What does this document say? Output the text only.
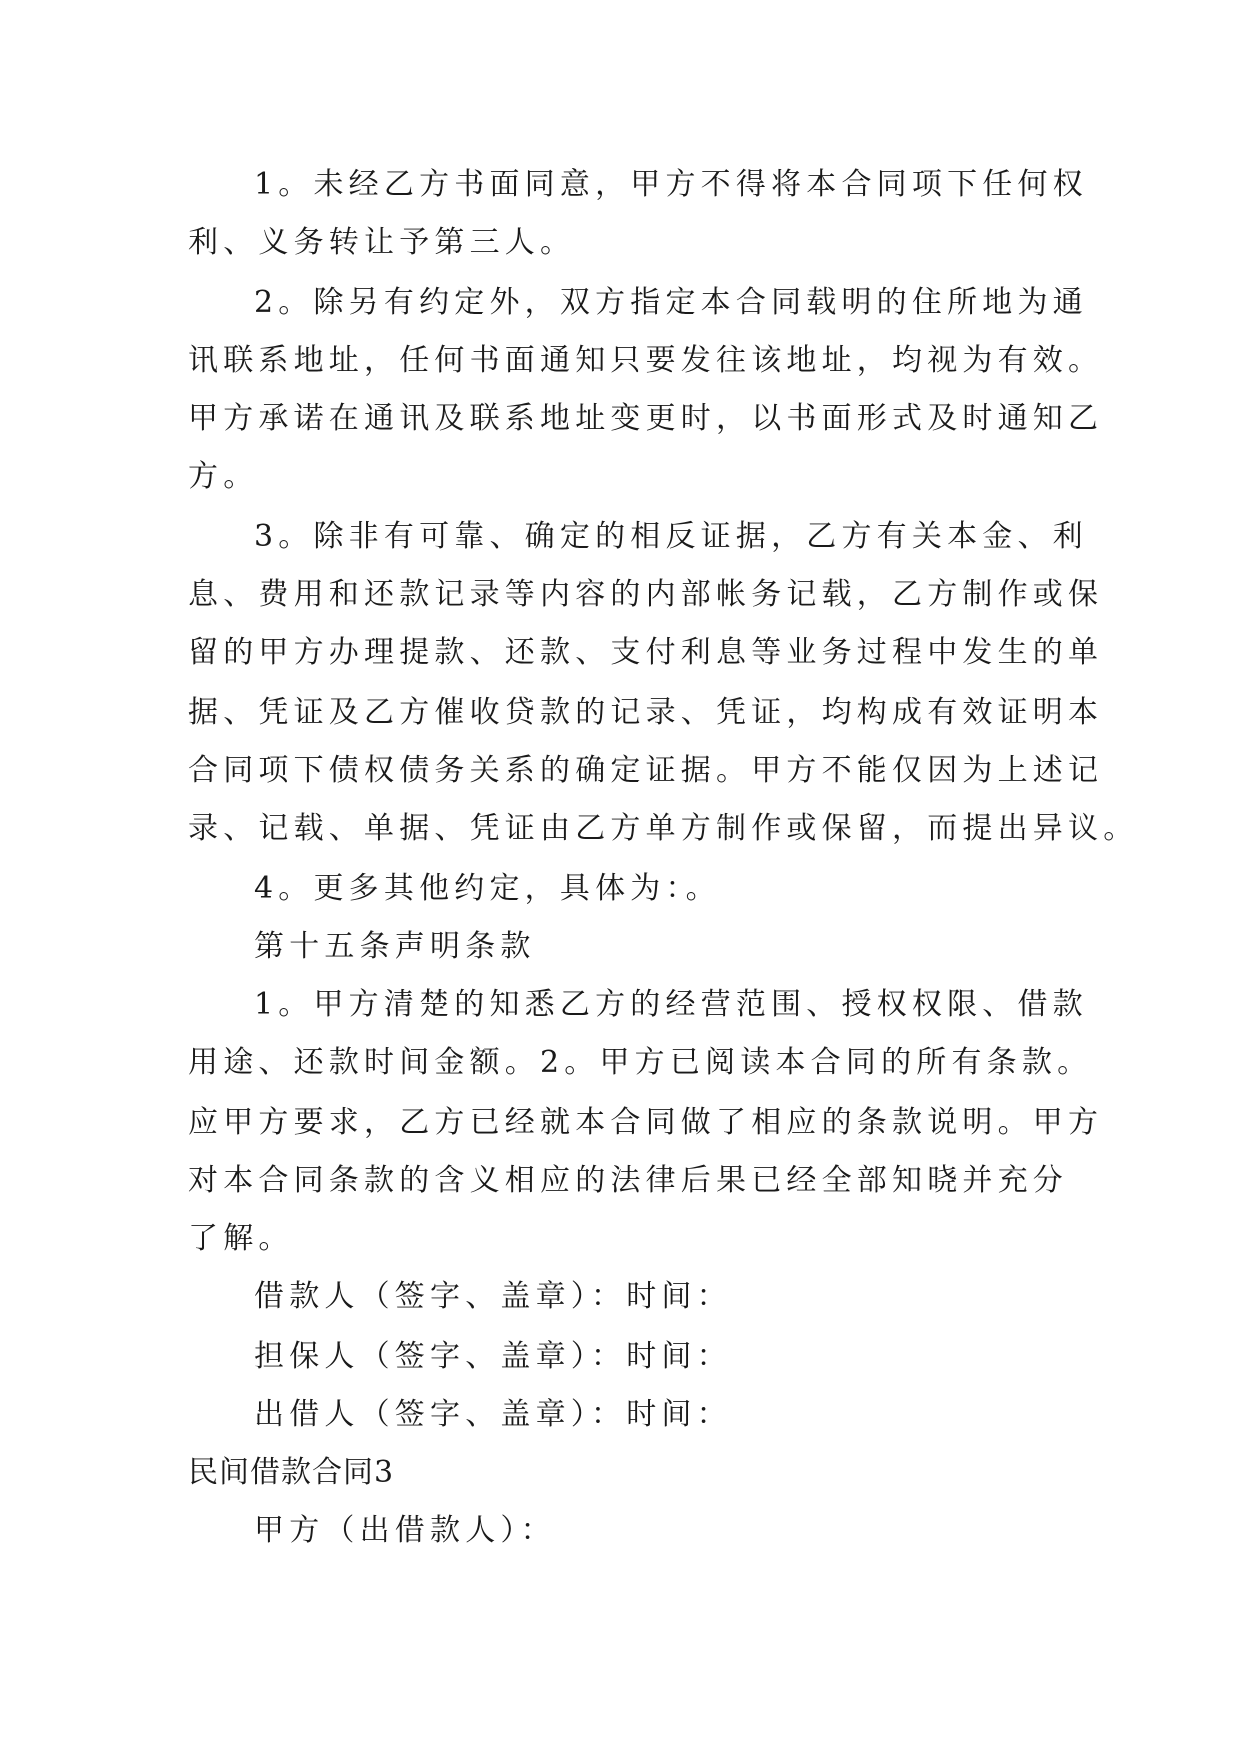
1。未经乙方书面同意，甲方不得将本合同项下任何权
利、义务转让予第三人。
2。除另有约定外，双方指定本合同载明的住所地为通
讯联系地址，任何书面通知只要发往该地址，均视为有效。
甲方承诺在通讯及联系地址变更时，以书面形式及时通知乙
方。
3。除非有可靠、确定的相反证据，乙方有关本金、利
息、费用和还款记录等内容的内部帐务记载，乙方制作或保
留的甲方办理提款、还款、支付利息等业务过程中发生的单
据、凭证及乙方催收贷款的记录、凭证，均构成有效证明本
合同项下债权债务关系的确定证据。甲方不能仅因为上述记
录、记载、单据、凭证由乙方单方制作或保留，而提出异议。
4。更多其他约定，具体为：。
第十五条声明条款
1。甲方清楚的知悉乙方的经营范围、授权权限、借款
用途、还款时间金额。2。甲方已阅读本合同的所有条款。
应甲方要求，乙方已经就本合同做了相应的条款说明。甲方
对本合同条款的含义相应的法律后果已经全部知晓并充分
了解。
借款人（签字、盖章）：时间：
担保人（签字、盖章）：时间：
出借人（签字、盖章）：时间：
民间借款合同3
甲方（出借款人）：
